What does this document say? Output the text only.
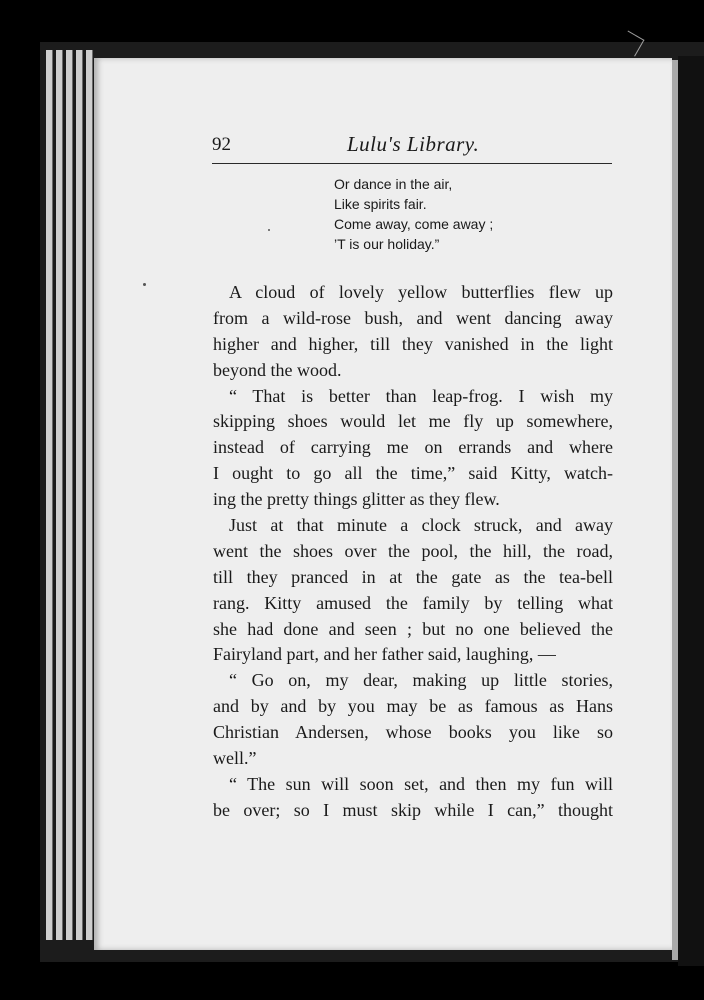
92	Lulu's Library.
Or dance in the air,
Like spirits fair.
Come away, come away ;
’T is our holiday.”
A cloud of lovely yellow butterflies flew up
from a wild-rose bush, and went dancing away
higher and higher, till they vanished in the light
beyond the wood.
“ That is better than leap-frog. I wish my
skipping shoes would let me fly up somewhere,
instead of carrying me on errands and where
I ought to go all the time,” said Kitty, watch-
ing the pretty things glitter as they flew.
Just at that minute a clock struck, and away
went the shoes over the pool, the hill, the road,
till they pranced in at the gate as the tea-bell
rang. Kitty amused the family by telling what
she had done and seen ; but no one believed the
Fairyland part, and her father said, laughing, —
“ Go on, my dear, making up little stories,
and by and by you may be as famous as Hans
Christian Andersen, whose books you like so
well.”
“ The sun will soon set, and then my fun will
be over; so I must skip while I can,” thought
